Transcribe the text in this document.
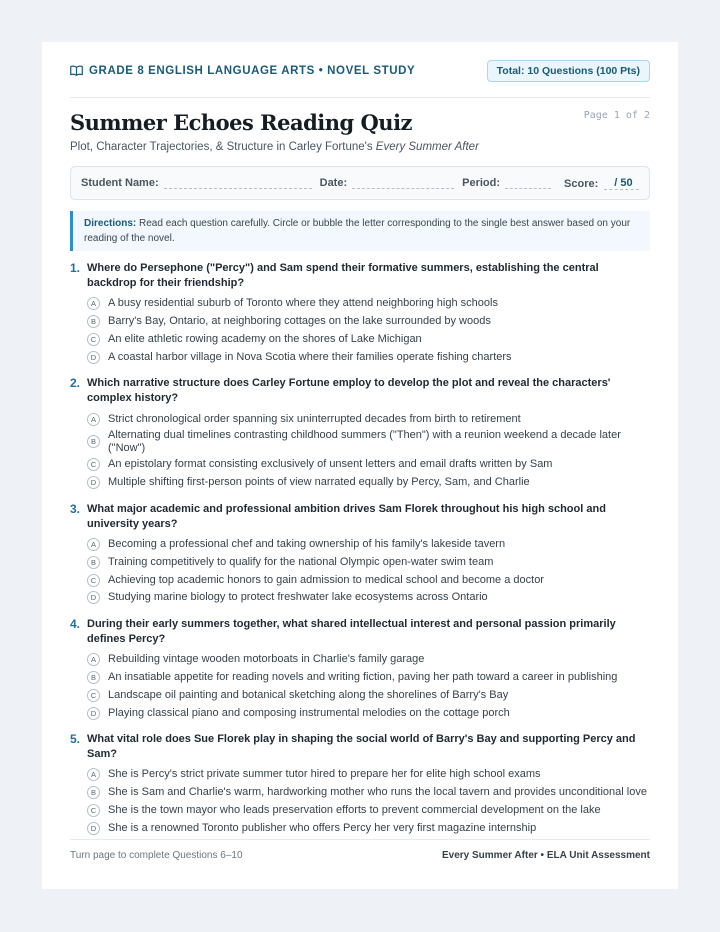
GRADE 8 ENGLISH LANGUAGE ARTS • NOVEL STUDY	Total: 10 Questions (100 Pts)
Page 1 of 2
Summer Echoes Reading Quiz
Plot, Character Trajectories, & Structure in Carley Fortune's Every Summer After
Student Name:	Date:	Period:	Score:	/ 50
Directions: Read each question carefully. Circle or bubble the letter corresponding to the single best answer based on your reading of the novel.
1. Where do Persephone ("Percy") and Sam spend their formative summers, establishing the central backdrop for their friendship?
A	A busy residential suburb of Toronto where they attend neighboring high schools
B	Barry's Bay, Ontario, at neighboring cottages on the lake surrounded by woods
C	An elite athletic rowing academy on the shores of Lake Michigan
D	A coastal harbor village in Nova Scotia where their families operate fishing charters
2. Which narrative structure does Carley Fortune employ to develop the plot and reveal the characters' complex history?
A	Strict chronological order spanning six uninterrupted decades from birth to retirement
B
Alternating dual timelines contrasting childhood summers ("Then") with a reunion weekend a decade later ("Now")
C	An epistolary format consisting exclusively of unsent letters and email drafts written by Sam
D	Multiple shifting first-person points of view narrated equally by Percy, Sam, and Charlie
3. What major academic and professional ambition drives Sam Florek throughout his high school and university years?
A	Becoming a professional chef and taking ownership of his family's lakeside tavern
B	Training competitively to qualify for the national Olympic open-water swim team
C	Achieving top academic honors to gain admission to medical school and become a doctor
D	Studying marine biology to protect freshwater lake ecosystems across Ontario
4. During their early summers together, what shared intellectual interest and personal passion primarily defines Percy?
A	Rebuilding vintage wooden motorboats in Charlie's family garage
B	An insatiable appetite for reading novels and writing fiction, paving her path toward a career in publishing
C	Landscape oil painting and botanical sketching along the shorelines of Barry's Bay
D	Playing classical piano and composing instrumental melodies on the cottage porch
5. What vital role does Sue Florek play in shaping the social world of Barry's Bay and supporting Percy and Sam?
A	She is Percy's strict private summer tutor hired to prepare her for elite high school exams
B	She is Sam and Charlie's warm, hardworking mother who runs the local tavern and provides unconditional love
C	She is the town mayor who leads preservation efforts to prevent commercial development on the lake
D	She is a renowned Toronto publisher who offers Percy her very first magazine internship
Turn page to complete Questions 6–10	Every Summer After • ELA Unit Assessment
